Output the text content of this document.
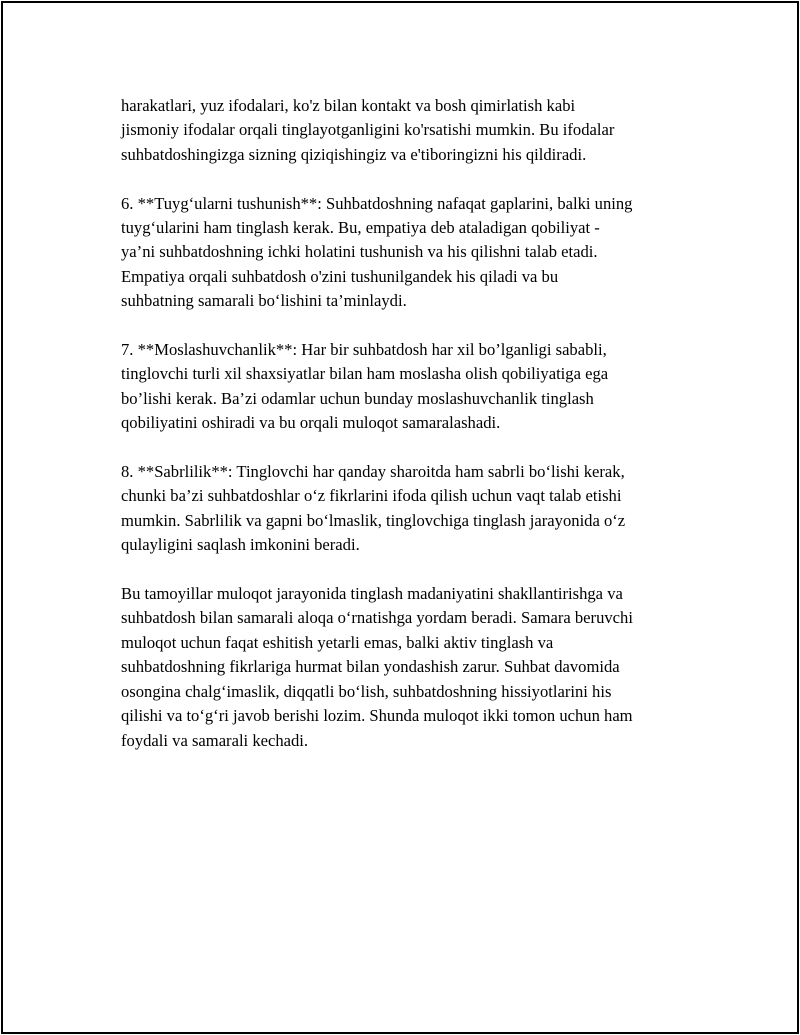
harakatlari, yuz ifodalari, ko'z bilan kontakt va bosh qimirlatish kabi
jismoniy ifodalar orqali tinglayotganligini ko'rsatishi mumkin. Bu ifodalar
suhbatdoshingizga sizning qiziqishingiz va e'tiboringizni his qildiradi.

6. **Tuyg‘ularni tushunish**: Suhbatdoshning nafaqat gaplarini, balki uning
tuyg‘ularini ham tinglash kerak. Bu, empatiya deb ataladigan qobiliyat -
ya’ni suhbatdoshning ichki holatini tushunish va his qilishni talab etadi.
Empatiya orqali suhbatdosh o'zini tushunilgandek his qiladi va bu
suhbatning samarali bo‘lishini ta’minlaydi.

7. **Moslashuvchanlik**: Har bir suhbatdosh har xil bo’lganligi sababli,
tinglovchi turli xil shaxsiyatlar bilan ham moslasha olish qobiliyatiga ega
bo’lishi kerak. Ba’zi odamlar uchun bunday moslashuvchanlik tinglash
qobiliyatini oshiradi va bu orqali muloqot samaralashadi.

8. **Sabrlilik**: Tinglovchi har qanday sharoitda ham sabrli bo‘lishi kerak,
chunki ba’zi suhbatdoshlar o‘z fikrlarini ifoda qilish uchun vaqt talab etishi
mumkin. Sabrlilik va gapni bo‘lmaslik, tinglovchiga tinglash jarayonida o‘z
qulayligini saqlash imkonini beradi.

Bu tamoyillar muloqot jarayonida tinglash madaniyatini shakllantirishga va
suhbatdosh bilan samarali aloqa o‘rnatishga yordam beradi. Samara beruvchi
muloqot uchun faqat eshitish yetarli emas, balki aktiv tinglash va
suhbatdoshning fikrlariga hurmat bilan yondashish zarur. Suhbat davomida
osongina chalg‘imaslik, diqqatli bo‘lish, suhbatdoshning hissiyotlarini his
qilishi va to‘g‘ri javob berishi lozim. Shunda muloqot ikki tomon uchun ham
foydali va samarali kechadi.
